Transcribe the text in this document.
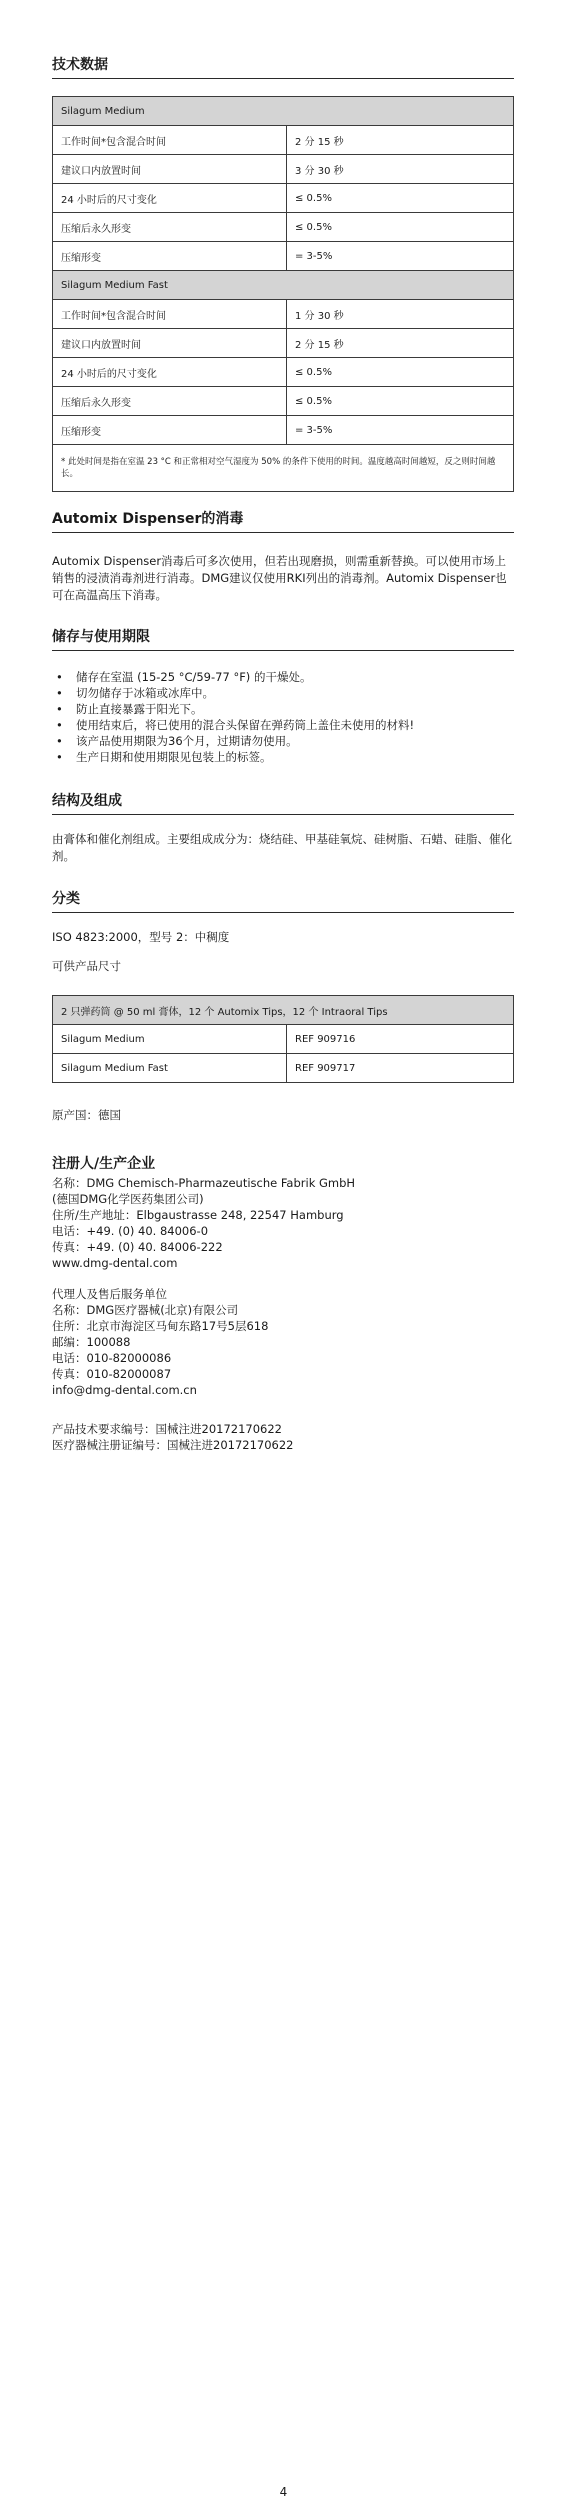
技术数据
Silagum Medium	
工作时间*包含混合时间	2 分 15 秒
建议口内放置时间	3 分 30 秒
24 小时后的尺寸变化	≤ 0.5%
压缩后永久形变	≤ 0.5%
压缩形变	= 3-5%
Silagum Medium Fast	
工作时间*包含混合时间	1 分 30 秒
建议口内放置时间	2 分 15 秒
24 小时后的尺寸变化	≤ 0.5%
压缩后永久形变	≤ 0.5%
压缩形变	= 3-5%
* 此处时间是指在室温 23 °C 和正常相对空气湿度为 50% 的条件下使用的时间。温度越高时间越短，反之则时间越长。	
Automix Dispenser的消毒

Automix Dispenser消毒后可多次使用，但若出现磨损，则需重新替换。可以使用市场上销售的浸渍消毒剂进行消毒。DMG建议仅使用RKI列出的消毒剂。Automix Dispenser也可在高温高压下消毒。

储存与使用期限
• 储存在室温 (15-25 °C/59-77 °F) 的干燥处。
• 切勿储存于冰箱或冰库中。
• 防止直接暴露于阳光下。
• 使用结束后，将已使用的混合头保留在弹药筒上盖住未使用的材料!
• 该产品使用期限为36个月，过期请勿使用。
• 生产日期和使用期限见包装上的标签。
结构及组成

由膏体和催化剂组成。主要组成成分为：烧结硅、甲基硅氧烷、硅树脂、石蜡、硅脂、催化剂。

分类

ISO 4823:2000，型号 2：中稠度

可供产品尺寸

2 只弹药筒 @ 50 ml 膏体，12 个 Automix Tips，12 个 Intraoral Tips	
Silagum Medium	REF 909716
Silagum Medium Fast	REF 909717

原产国：德国

注册人/生产企业
名称：DMG Chemisch-Pharmazeutische Fabrik GmbH
(德国DMG化学医药集团公司)
住所/生产地址：Elbgaustrasse 248, 22547 Hamburg
电话：+49. (0) 40. 84006-0
传真：+49. (0) 40. 84006-222
www.dmg-dental.com
代理人及售后服务单位
名称：DMG医疗器械(北京)有限公司
住所：北京市海淀区马甸东路17号5层618
邮编：100088
电话：010-82000086
传真：010-82000087
info@dmg-dental.com.cn
产品技术要求编号：国械注进20172170622
医疗器械注册证编号：国械注进20172170622
4
